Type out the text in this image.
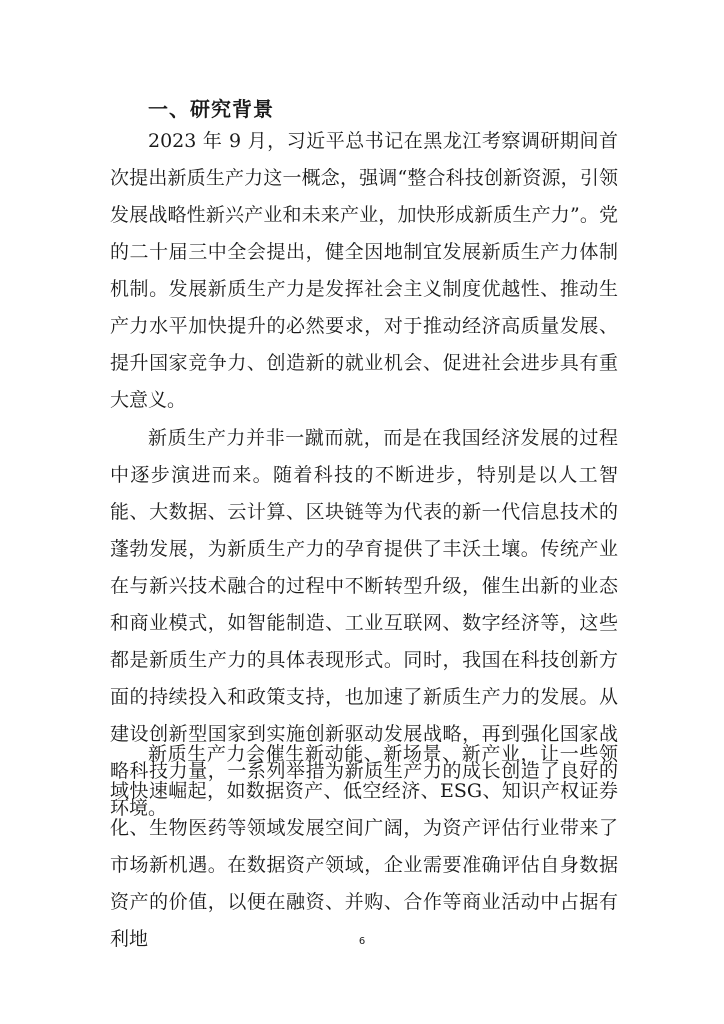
一、研究背景

2023 年 9 月，习近平总书记在黑龙江考察调研期间首次提出新质生产力这一概念，强调“整合科技创新资源，引领发展战略性新兴产业和未来产业，加快形成新质生产力”。党的二十届三中全会提出，健全因地制宜发展新质生产力体制机制。发展新质生产力是发挥社会主义制度优越性、推动生产力水平加快提升的必然要求，对于推动经济高质量发展、提升国家竞争力、创造新的就业机会、促进社会进步具有重大意义。

新质生产力并非一蹴而就，而是在我国经济发展的过程中逐步演进而来。随着科技的不断进步，特别是以人工智能、大数据、云计算、区块链等为代表的新一代信息技术的蓬勃发展，为新质生产力的孕育提供了丰沃土壤。传统产业在与新兴技术融合的过程中不断转型升级，催生出新的业态和商业模式，如智能制造、工业互联网、数字经济等，这些都是新质生产力的具体表现形式。同时，我国在科技创新方面的持续投入和政策支持，也加速了新质生产力的发展。从建设创新型国家到实施创新驱动发展战略，再到强化国家战略科技力量，一系列举措为新质生产力的成长创造了良好的环境。

新质生产力会催生新动能、新场景、新产业，让一些领域快速崛起，如数据资产、低空经济、ESG、知识产权证券化、生物医药等领域发展空间广阔，为资产评估行业带来了市场新机遇。在数据资产领域，企业需要准确评估自身数据资产的价值，以便在融资、并购、合作等商业活动中占据有利地	6
